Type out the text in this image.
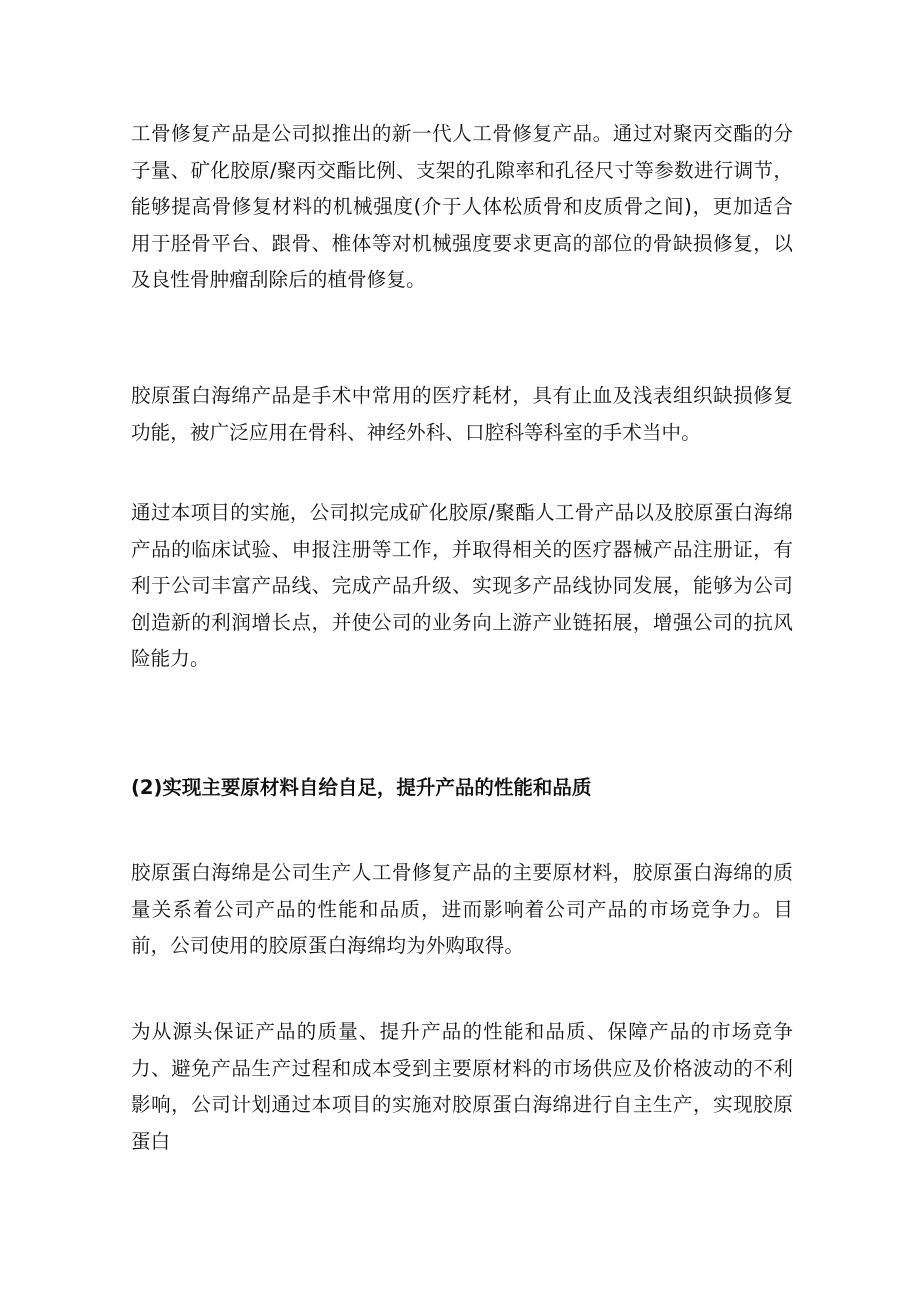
工骨修复产品是公司拟推出的新一代人工骨修复产品。通过对聚丙交酯的分子量、矿化胶原/聚丙交酯比例、支架的孔隙率和孔径尺寸等参数进行调节，能够提高骨修复材料的机械强度(介于人体松质骨和皮质骨之间)，更加适合用于胫骨平台、跟骨、椎体等对机械强度要求更高的部位的骨缺损修复，以及良性骨肿瘤刮除后的植骨修复。

胶原蛋白海绵产品是手术中常用的医疗耗材，具有止血及浅表组织缺损修复功能，被广泛应用在骨科、神经外科、口腔科等科室的手术当中。

通过本项目的实施，公司拟完成矿化胶原/聚酯人工骨产品以及胶原蛋白海绵产品的临床试验、申报注册等工作，并取得相关的医疗器械产品注册证，有利于公司丰富产品线、完成产品升级、实现多产品线协同发展，能够为公司创造新的利润增长点，并使公司的业务向上游产业链拓展，增强公司的抗风险能力。

(2)实现主要原材料自给自足，提升产品的性能和品质

胶原蛋白海绵是公司生产人工骨修复产品的主要原材料，胶原蛋白海绵的质量关系着公司产品的性能和品质，进而影响着公司产品的市场竞争力。目前，公司使用的胶原蛋白海绵均为外购取得。

为从源头保证产品的质量、提升产品的性能和品质、保障产品的市场竞争力、避免产品生产过程和成本受到主要原材料的市场供应及价格波动的不利影响，公司计划通过本项目的实施对胶原蛋白海绵进行自主生产，实现胶原蛋白
